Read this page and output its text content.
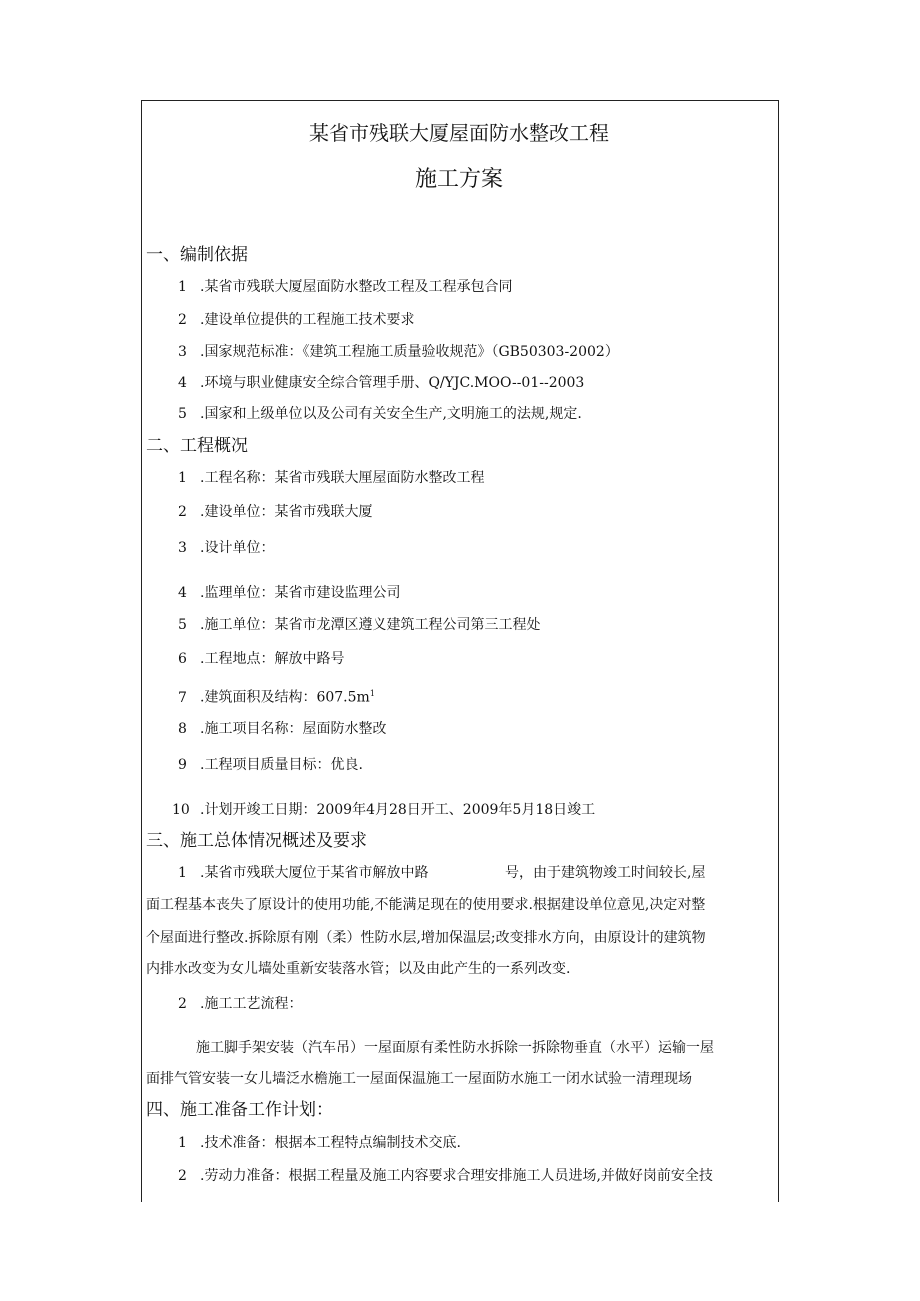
某省市残联大厦屋面防水整改工程
施工方案
一、编制依据
1 .某省市残联大厦屋面防水整改工程及工程承包合同
2 .建设单位提供的工程施工技术要求
3 .国家规范标准：《建筑工程施工质量验收规范》（GB50303-2002）
4 .环境与职业健康安全综合管理手册、Q/YJC.MOO--01--2003
5 .国家和上级单位以及公司有关安全生产,文明施工的法规,规定.
二、工程概况
1 .工程名称：某省市残联大厘屋面防水整改工程
2 .建设单位：某省市残联大厦
3 .设计单位：
4 .监理单位：某省市建设监理公司
5 .施工单位：某省市龙潭区遵义建筑工程公司第三工程处
6 .工程地点：解放中路号
7 .建筑面积及结构：$607.5m^1$
8 .施工项目名称：屋面防水整改
9 .工程项目质量目标：优良.
10 .计划开竣工日期：2009年4月28日开工、2009年5月18日竣工
三、施工总体情况概述及要求
1 .某省市残联大厦位于某省市解放中路	号，由于建筑物竣工时间较长,屋
面工程基本丧失了原设计的使用功能,不能满足现在的使用要求.根据建设单位意见,决定对整
个屋面进行整改.拆除原有刚（柔）性防水层,增加保温层;改变排水方向，由原设计的建筑物
内排水改变为女儿墙处重新安装落水管；以及由此产生的一系列改变.
2 .施工工艺流程：
施工脚手架安装（汽车吊）一屋面原有柔性防水拆除一拆除物垂直（水平）运输一屋
面排气管安装一女儿墙泛水檐施工一屋面保温施工一屋面防水施工一闭水试验一清理现场
四、施工准备工作计划：
1 .技术准备：根据本工程特点编制技术交底.
2 .劳动力准备：根据工程量及施工内容要求合理安排施工人员进场,并做好岗前安全技
